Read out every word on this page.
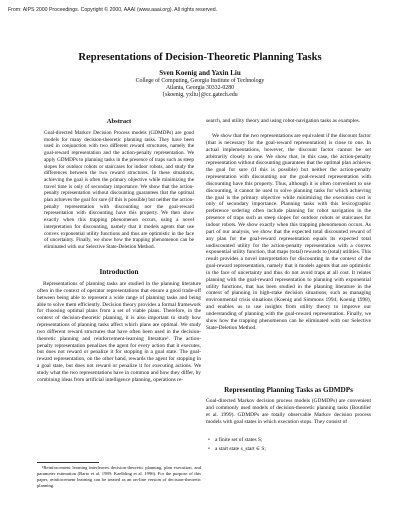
From: AIPS 2000 Proceedings. Copyright © 2000, AAAI (www.aaai.org). All rights reserved.
Representations of Decision-Theoretic Planning Tasks
Sven Koenig and Yaxin Liu
College of Computing, Georgia Institute of Technology
Atlanta, Georgia 30332-0280
{skoenig, yxliu}@cc.gatech.edu
Abstract
Goal-directed Markov Decision Process models (GDMDPs) are good models for many decision-theoretic planning tasks. They have been used in conjunction with two different reward structures, namely the goal-reward representation and the action-penalty representation. We apply GDMDPs to planning tasks in the presence of traps such as steep slopes for outdoor robots or staircases for indoor robots, and study the differences between the two reward structures. In these situations, achieving the goal is often the primary objective while minimizing the travel time is only of secondary importance. We show that the action-penalty representation without discounting guarantees that the optimal plan achieves the goal for sure (if this is possible) but neither the action-penalty representation with discounting nor the goal-reward representation with discounting have this property. We then show exactly when this trapping phenomenon occurs, using a novel interpretation for discounting, namely that it models agents that use convex exponential utility functions and thus are optimistic in the face of uncertainty. Finally, we show how the trapping phenomenon can be eliminated with our Selective State-Deletion Method.
Introduction
Representations of planning tasks are studied in the planning literature often in the context of operator representations that ensure a good trade-off between being able to represent a wide range of planning tasks and being able to solve them efficiently. Decision theory provides a formal framework for choosing optimal plans from a set of viable plans. Therefore, in the context of decision-theoretic planning, it is also important to study how representations of planning tasks affect which plans are optimal. We study two different reward structures that have often been used in the decision-theoretic planning and reinforcement-learning literature¹. The action-penalty representation penalizes the agent for every action that it executes, but does not reward or penalize it for stopping in a goal state. The goal-reward representation, on the other hand, rewards the agent for stopping in a goal state, but does not reward or penalize it for executing actions. We study what the two representations have in common and how they differ, by combining ideas from artificial intelligence planning, operations re-
¹Reinforcement learning interleaves decision-theoretic planning, plan execution, and parameter estimation (Barto et al. 1989; Kaelbling et al. 1996). For the purpose of this paper, reinforcement learning can be treated as an on-line version of decision-theoretic planning.
search, and utility theory and using robot-navigation tasks as examples.
We show that the two representations are equivalent if the discount factor (that is necessary for the goal-reward representation) is close to one. In actual implementations, however, the discount factor cannot be set arbitrarily closely to one. We show that, in this case, the action-penalty representation without discounting guarantees that the optimal plan achieves the goal for sure (if this is possible) but neither the action-penalty representation with discounting nor the goal-reward representation with discounting have this property. Thus, although it is often convenient to use discounting, it cannot be used to solve planning tasks for which achieving the goal is the primary objective while minimizing the execution cost is only of secondary importance. Planning tasks with this lexicographic preference ordering often include planning for robot navigation in the presence of traps such as steep slopes for outdoor robots or staircases for indoor robots. We show exactly when this trapping phenomenon occurs. As part of our analysis, we show that the expected total discounted reward of any plan for the goal-reward representation equals its expected total undiscounted utility for the action-penalty representation with a convex exponential utility function, that maps (total) rewards to (total) utilities. This result provides a novel interpretation for discounting in the context of the goal-reward representation, namely that it models agents that are optimistic in the face of uncertainty and thus do not avoid traps at all cost. It relates planning with the goal-reward representation to planning with exponential utility functions, that has been studied in the planning literature in the context of planning in high-stake decision situations, such as managing environmental crisis situations (Koenig and Simmons 1994; Koenig 1998), and enables us to use insights from utility theory to improve our understanding of planning with the goal-reward representation. Finally, we show how the trapping phenomenon can be eliminated with our Selective State-Deletion Method.
Representing Planning Tasks as GDMDPs
Goal-directed Markov decision process models (GDMDPs) are convenient and commonly used models of decision-theoretic planning tasks (Boutilier et al. 1999). GDMDPs are totally observable Markov decision process models with goal states in which execution stops. They consist of
• a finite set of states S;
• a start state s_start ∈ S;
